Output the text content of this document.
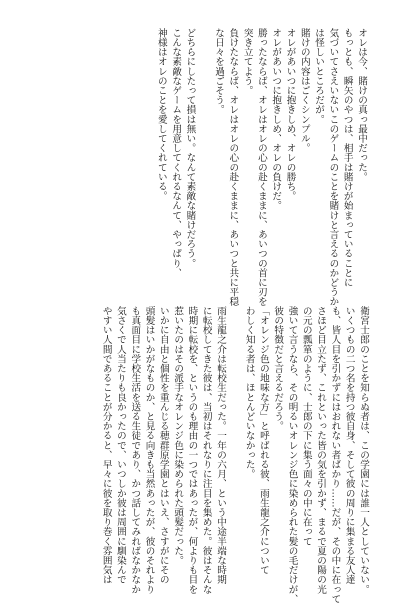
オレは今、賭けの真っ最中だった。

もっとも、瞬矢のやつは、相手は賭けが始まっていることに

気づいてさえいないこのゲームのことを賭けと言えるのかどうか

は怪しいところだが。

賭けの内容はごくシンプル。

オレがあいつに抱きしめ、オレの勝ち。

オレがあいつに抱きしめ、オレの負けだ。

勝ったならば、オレはオレの心の赴くままに、あいつの首に刃を

突き立てよう。

負けたならば、オレはオレの心の赴くままに、あいつと共に平穏

な日々を過ごそう。

どちらにしたって損は無い。なんて素敵な賭けだろう。

こんな素敵なゲームを用意してくれるなんて、やっぱり、

神様はオレのことを愛してくれている。

衛宮士郎のことを知らぬ者は、この学園には誰一人としていない。

いくつもの二つ名を持つ彼自身、そして彼の周りに集まる友人達

も、皆人目を引かずにはおれない者ばかり……だが、その中に在って

さほど目立たず、これといった皆の気を引かず、まるで夏の陽の光

の元の瓢箪のように、士郎の下に集う面々の中に在って

強いて言うなら、その明るいオレンジ色に染められた髪の毛だけが、

彼の特徴だと言えるだろう。

「オレンジ色の地味な方」と呼ばれる彼、雨生龍之介について

わしく知る者は、ほとんどいなかった。

雨生龍之介は転校生だった。一年の六月、という中途半端な時期

に転校してきた彼は、当初はそれなりに注目を集めた。彼はそんな

時期に転校を、というのも理由の一つではあったが、何よりも目を

惹いたのはその派手なオレンジ色に染められた頭髪だった。

いかに自由と個性を重んじる穂群原学園とはいえ、さすがにその

頭髪はいかがなものか、と見る向きも当然あったが、彼のそれより

も真面目に学校生活を送る生徒であり、かつ話してみればなかなか

気さくで人当たりも良かったので、いつしか彼は周囲に馴染んで

やすい人間であることが分かると、早々に彼を取り巻く雰囲気は
